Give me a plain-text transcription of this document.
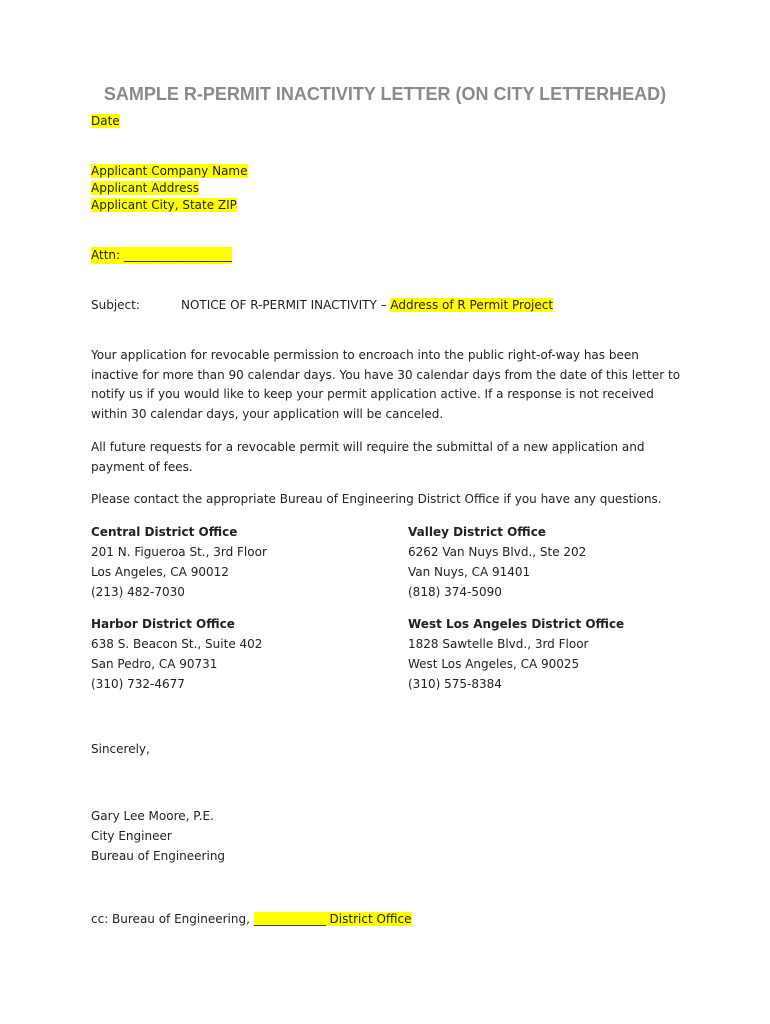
SAMPLE R-PERMIT INACTIVITY LETTER (ON CITY LETTERHEAD)
Date
Applicant Company Name
Applicant Address
Applicant City, State ZIP
Attn: __________________
Subject:	NOTICE OF R-PERMIT INACTIVITY – Address of R Permit Project
Your application for revocable permission to encroach into the public right-of-way has been inactive for more than 90 calendar days. You have 30 calendar days from the date of this letter to notify us if you would like to keep your permit application active. If a response is not received within 30 calendar days, your application will be canceled.
All future requests for a revocable permit will require the submittal of a new application and payment of fees.
Please contact the appropriate Bureau of Engineering District Office if you have any questions.
Central District Office
201 N. Figueroa St., 3rd Floor
Los Angeles, CA 90012
(213) 482-7030
Valley District Office
6262 Van Nuys Blvd., Ste 202
Van Nuys, CA 91401
(818) 374-5090
Harbor District Office
638 S. Beacon St., Suite 402
San Pedro, CA 90731
(310) 732-4677
West Los Angeles District Office
1828 Sawtelle Blvd., 3rd Floor
West Los Angeles, CA 90025
(310) 575-8384
Sincerely,
Gary Lee Moore, P.E.
City Engineer
Bureau of Engineering
cc: Bureau of Engineering, ____________ District Office
